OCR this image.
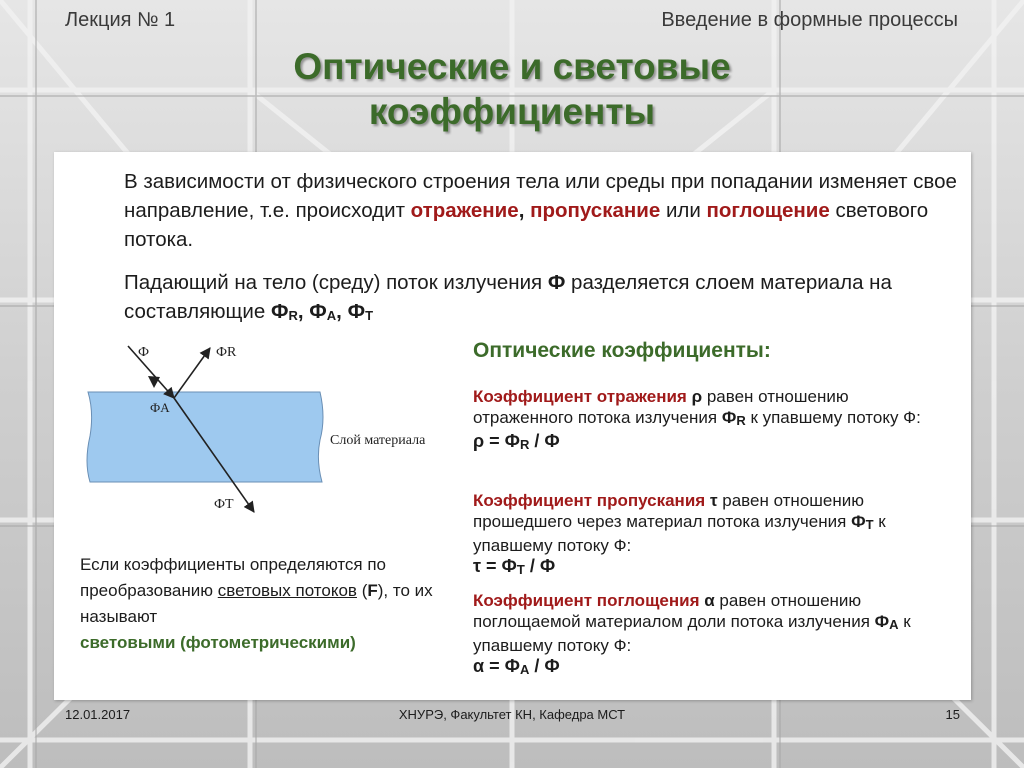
Лекция № 1	Введение в формные процессы
Оптические и световые
коэффициенты
В зависимости от физического строения тела или среды при попадании изменяет свое направление, т.е. происходит отражение, пропускание или поглощение светового потока.
Падающий на тело (среду) поток излучения Ф разделяется слоем материала на составляющие $Ф_R$, $Ф_A$, $Ф_T$
Ф	ФR
ФA
ФT
Слой материала
Оптические коэффициенты:
Коэффициент отражения ρ равен отношению отраженного потока излучения $Ф_R$ к упавшему потоку Ф:
$\rho = Ф_R / Ф$
Коэффициент пропускания τ равен отношению прошедшего через материал потока излучения $Ф_T$ к упавшему потоку Ф:
$\tau = Ф_T / Ф$
Коэффициент поглощения α равен отношению поглощаемой материалом доли потока излучения $Ф_A$ к упавшему потоку Ф:
$\alpha = Ф_A / Ф$
Если коэффициенты определяются по преобразованию световых потоков (F), то их называют
световыми (фотометрическими)
12.01.2017	ХНУРЭ, Факультет КН, Кафедра МСТ	15
